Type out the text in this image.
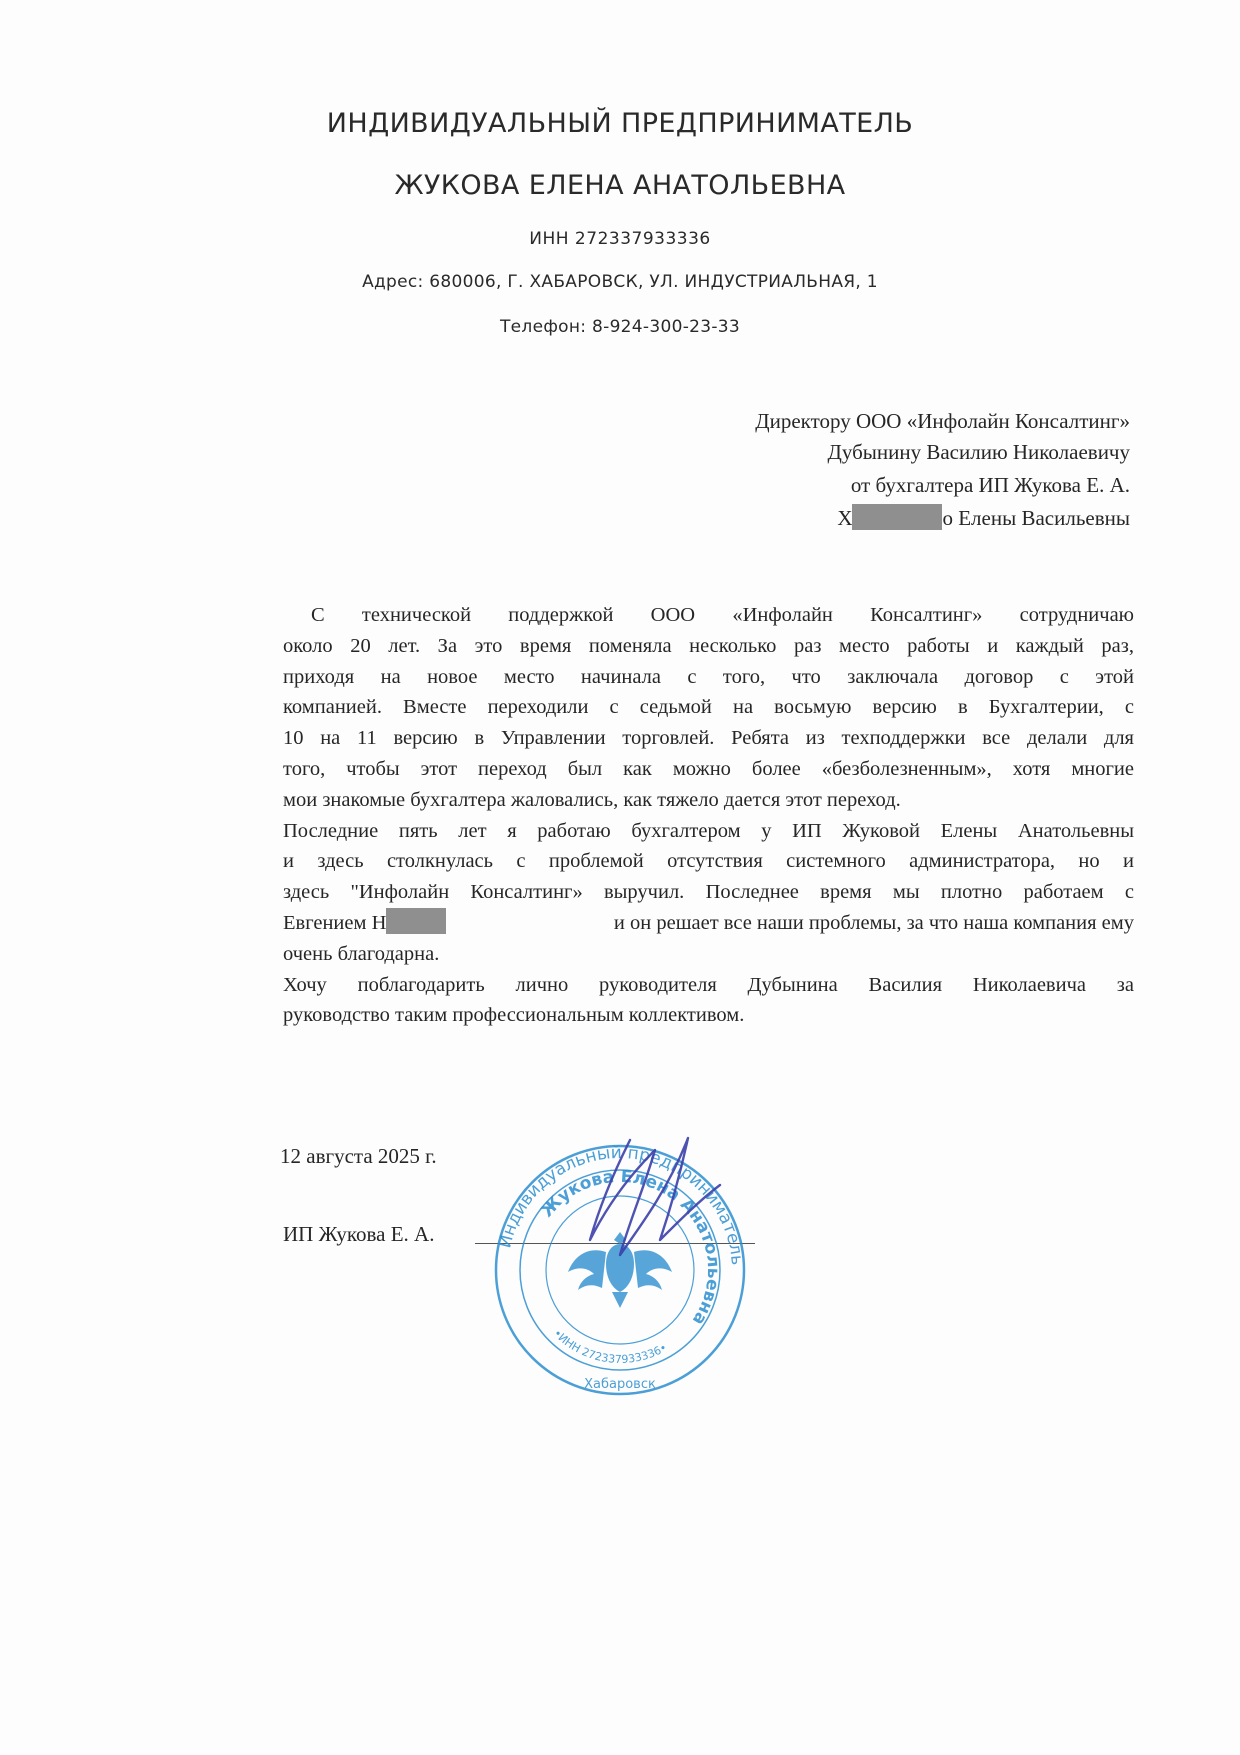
ИНДИВИДУАЛЬНЫЙ ПРЕДПРИНИМАТЕЛЬ
ЖУКОВА ЕЛЕНА АНАТОЛЬЕВНА
ИНН 272337933336
Адрес: 680006, Г. ХАБАРОВСК, УЛ. ИНДУСТРИАЛЬНАЯ, 1
Телефон: 8-924-300-23-33
Директору ООО «Инфолайн Консалтинг»
Дубынину Василию Николаевичу
от бухгалтера ИП Жукова Е. А.
Х	о Елены Васильевны

С технической поддержкой ООО «Инфолайн Консалтинг» сотрудничаю

около 20 лет. За это время поменяла несколько раз место работы и каждый раз,

приходя на новое место начинала с того, что заключала договор с этой

компанией. Вместе переходили с седьмой на восьмую версию в Бухгалтерии, с

10 на 11 версию в Управлении торговлей. Ребята из техподдержки все делали для

того, чтобы этот переход был как можно более «безболезненным», хотя многие

мои знакомые бухгалтера жаловались, как тяжело дается этот переход.

Последние пять лет я работаю бухгалтером у ИП Жуковой Елены Анатольевны

и здесь столкнулась с проблемой отсутствия системного администратора, но и

здесь "Инфолайн Консалтинг» выручил. Последнее время мы плотно работаем с

Евгением Н	и он решает все наши проблемы, за что наша компания ему

очень благодарна.

Хочу поблагодарить лично руководителя Дубынина Василия Николаевича за

руководство таким профессиональным коллективом.

12 августа 2025 г.
ИП Жукова Е. А.	Индивидуальный предприниматель
Жукова Елена Анатольевна
•ИНН 272337933336•
Хабаровск
